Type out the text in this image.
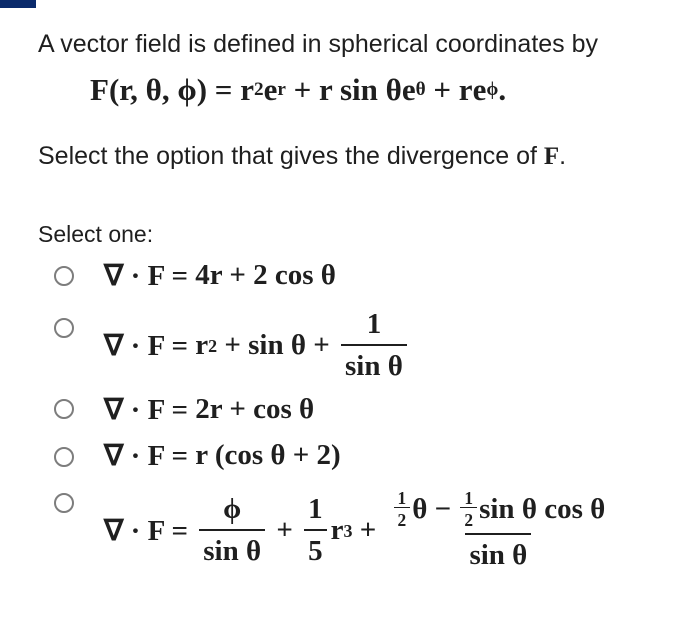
A vector field is defined in spherical coordinates by
F (r, θ, ϕ) = r 2 e r + r sin θ e θ + r e ϕ .
Select the option that gives the divergence of F.
Select one:
∇ · F = 4r + 2 cos θ
∇ · F = r $2 + \sin \theta + \frac{1}{\text{sin θ}}$
∇ · F = 2r + cos θ
∇ · F = r (cos θ + 2)
∇ · $F = \frac{\phi}{\text{sin θ}} + \frac{1}{5}$ r $3 + \frac{\frac{1}{2} \theta - \frac{1}{2} \sin \theta \cos \theta}{\text{sin θ}}$
